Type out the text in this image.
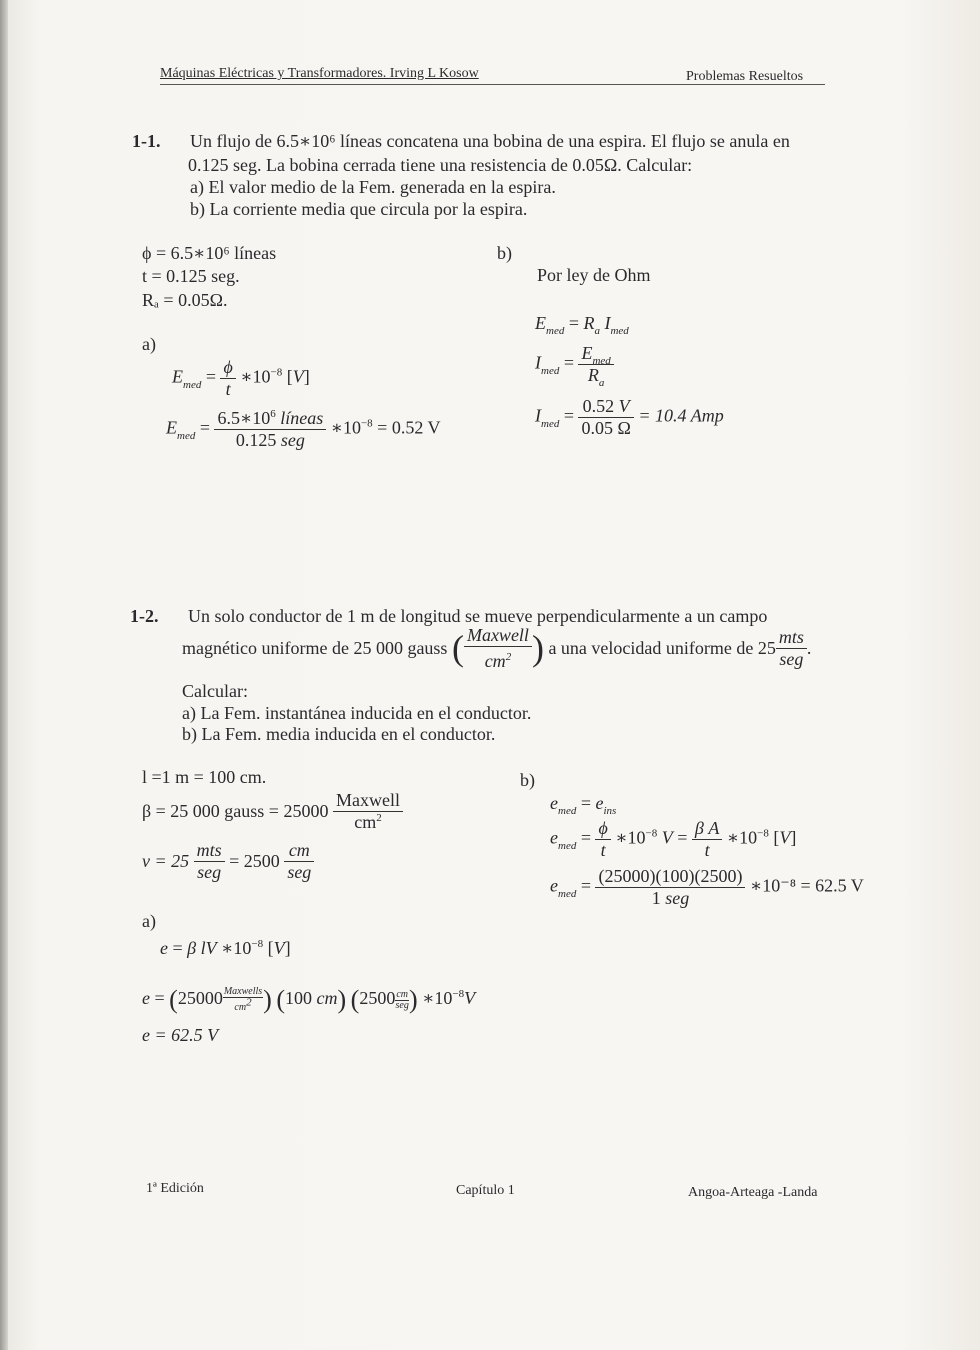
Máquinas Eléctricas y Transformadores. Irving L Kosow	Problemas Resueltos
1-1. Un flujo de 6.5∗10⁶ líneas concatena una bobina de una espira. El flujo se anula en
0.125 seg. La bobina cerrada tiene una resistencia de 0.05Ω. Calcular:
a) El valor medio de la Fem. generada en la espira.
b) La corriente media que circula por la espira.
ϕ = 6.5∗10⁶ líneas
t = 0.125 seg.
Rₐ = 0.05Ω.
a)
$E_{med} = \frac{\phi}{t}$ $∗10^{-8}$ [V]
$E_{med} = \frac{6.5∗10^6 líneas}{\text{0.125 seg}}$ $∗10^{-8} = 0.52$ V
b)
Por ley de Ohm
$E_{med} = R_a$ $I_{med}$
$I_{med} = \frac{E_{med}}{R_a}$
$I_{med} = \frac{0.52 V}{0.05 \Omega} = 10.4$ Amp
1-2. Un solo conductor de 1 m de longitud se mueve perpendicularmente a un campo
magnético uniforme de 25 000 gauss ( $\frac{\text{Maxwell}}{cm^2}$ ) a una velocidad uniforme de $25 \frac{\text{mts}}{\text{seg}}$ .
Calcular:
a) La Fem. instantánea inducida en el conductor.
b) La Fem. media inducida en el conductor.
l =1 m = 100 cm.
β = 25 000 gauss = $25000 \frac{\text{Maxwell}}{cm^2}$
$v = 25 \frac{\text{mts}}{\text{seg}} = 2500 \frac{cm}{\text{seg}}$
a)
e = β lV $∗10^{-8}$ [V]
$e = (25000 \frac{\text{Maxwells}}{cm^2})$ (100 cm) $(2500 \frac{cm}{\text{seg}})$ $∗10^{-8}V$
e = 62.5 V
b)
$e_{med} = e_{ins}$
$e_{med} = \frac{\phi}{t}$ $∗10^{-8}$ $V = \frac{\text{β A}}{t}$ $∗10^{-8}$ [V]
$e_{med} = \frac{(25000)(100)(2500)}{\text{1 seg}}$ ∗10⁻⁸ = 62.5 V
1ª Edición	Capítulo 1	Angoa-Arteaga -Landa
